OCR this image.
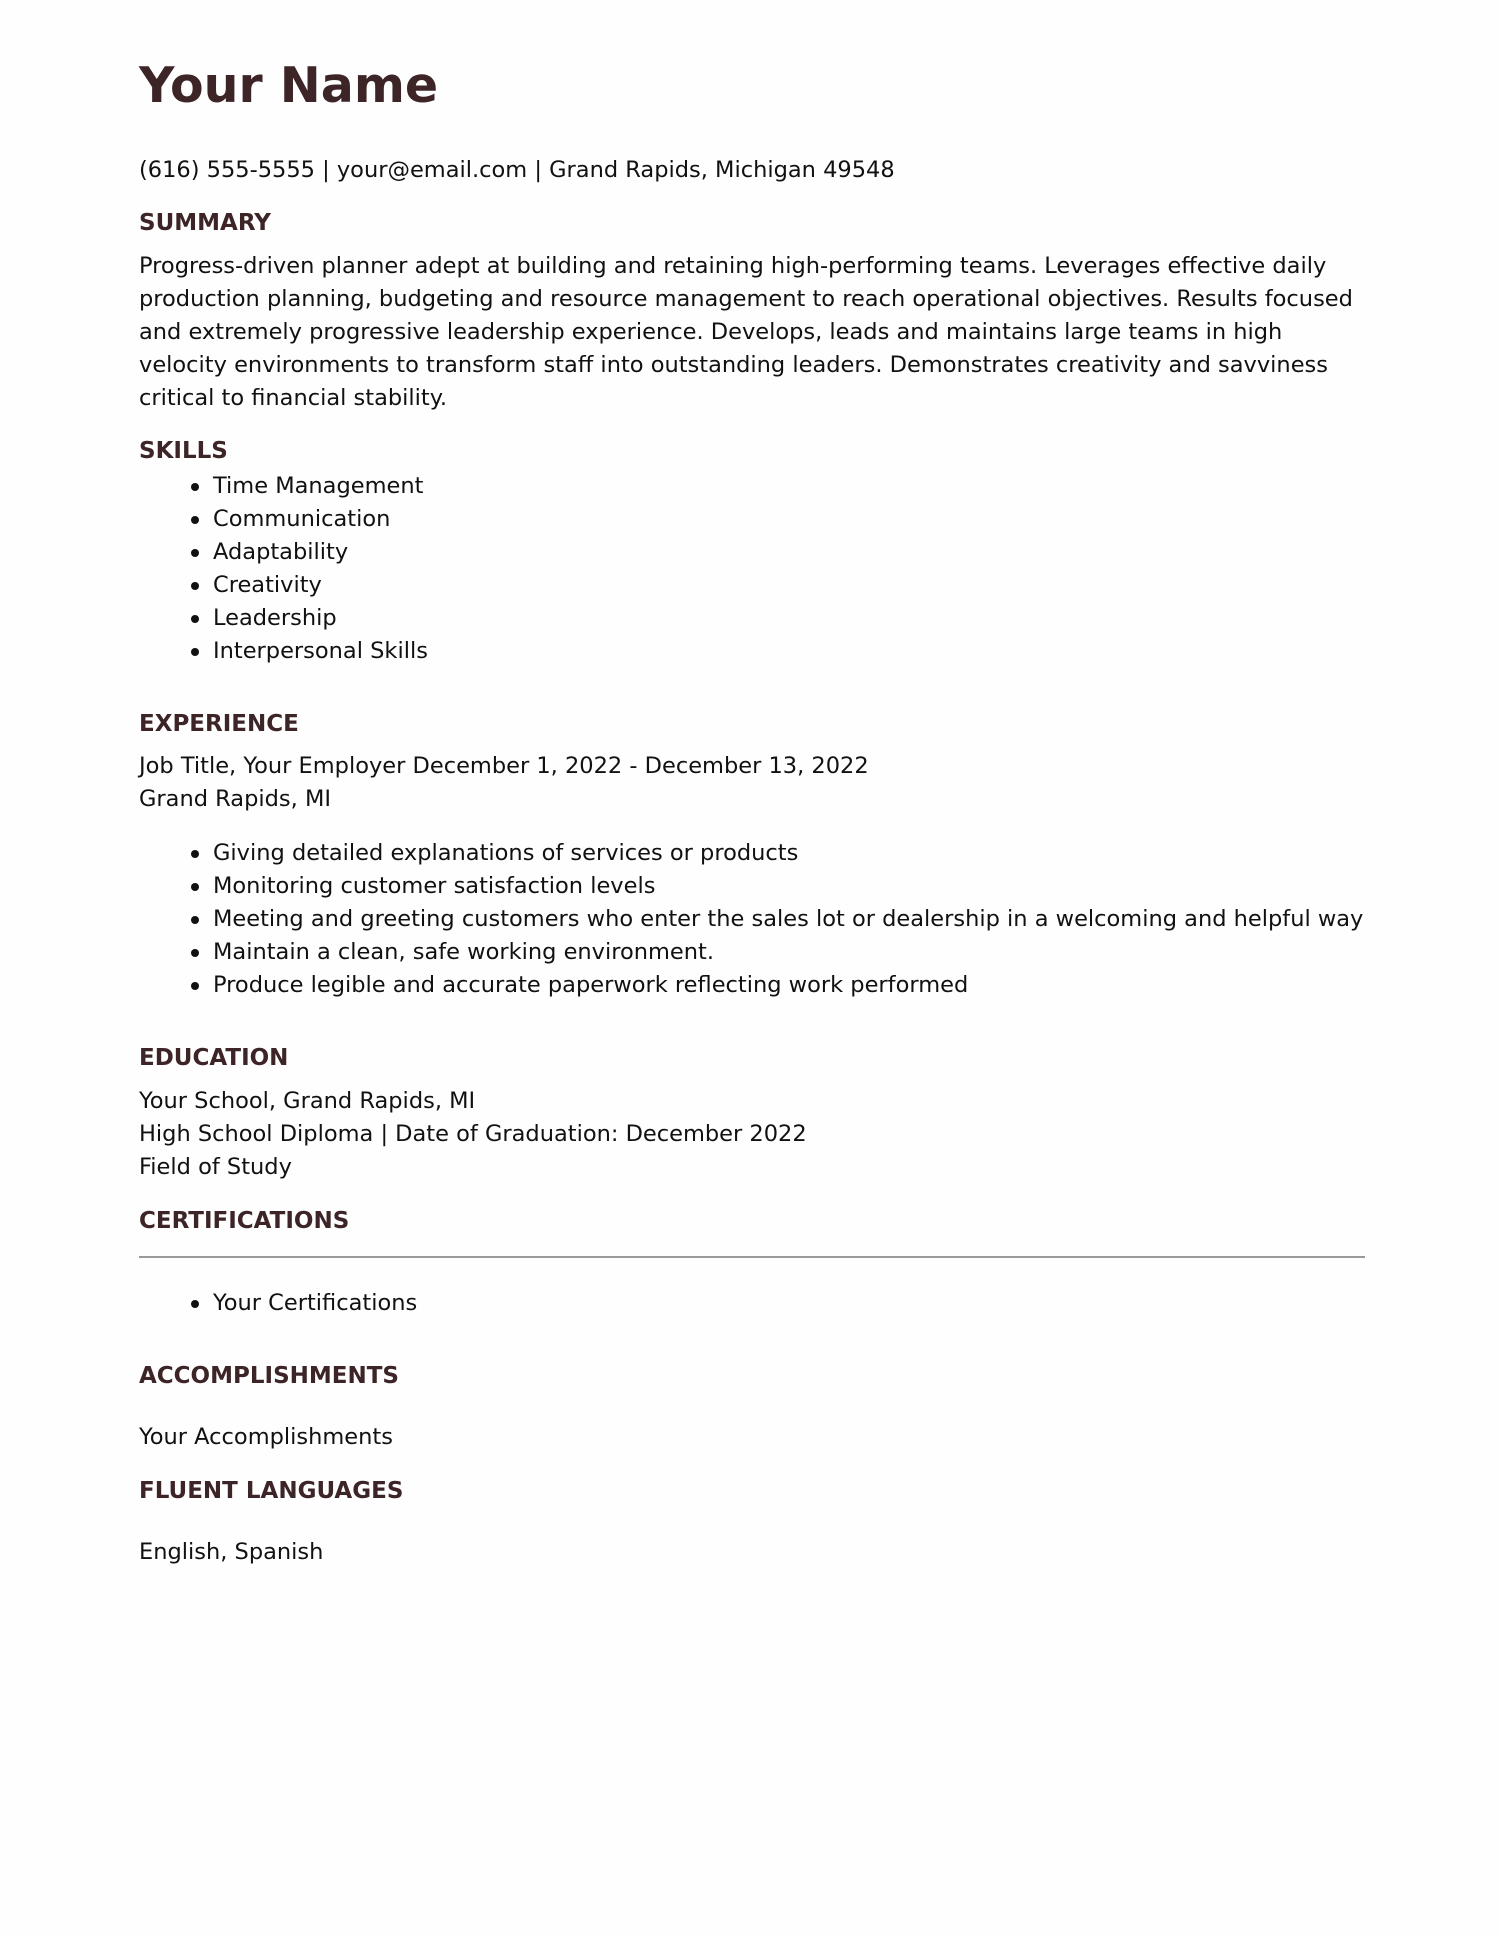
Your Name
(616) 555-5555 | your@email.com | Grand Rapids, Michigan 49548
SUMMARY

Progress-driven planner adept at building and retaining high-performing teams. Leverages effective daily production planning, budgeting and resource management to reach operational objectives. Results focused and extremely progressive leadership experience. Develops, leads and maintains large teams in high velocity environments to transform staff into outstanding leaders. Demonstrates creativity and savviness critical to financial stability.

SKILLS
Time Management
Communication
Adaptability
Creativity
Leadership
Interpersonal Skills
EXPERIENCE
Job Title, Your Employer December 1, 2022 - December 13, 2022
Grand Rapids, MI
Giving detailed explanations of services or products
Monitoring customer satisfaction levels
Meeting and greeting customers who enter the sales lot or dealership in a welcoming and helpful way
Maintain a clean, safe working environment.
Produce legible and accurate paperwork reflecting work performed
EDUCATION
Your School, Grand Rapids, MI
High School Diploma | Date of Graduation: December 2022
Field of Study
CERTIFICATIONS
Your Certifications
ACCOMPLISHMENTS
Your Accomplishments
FLUENT LANGUAGES
English, Spanish
